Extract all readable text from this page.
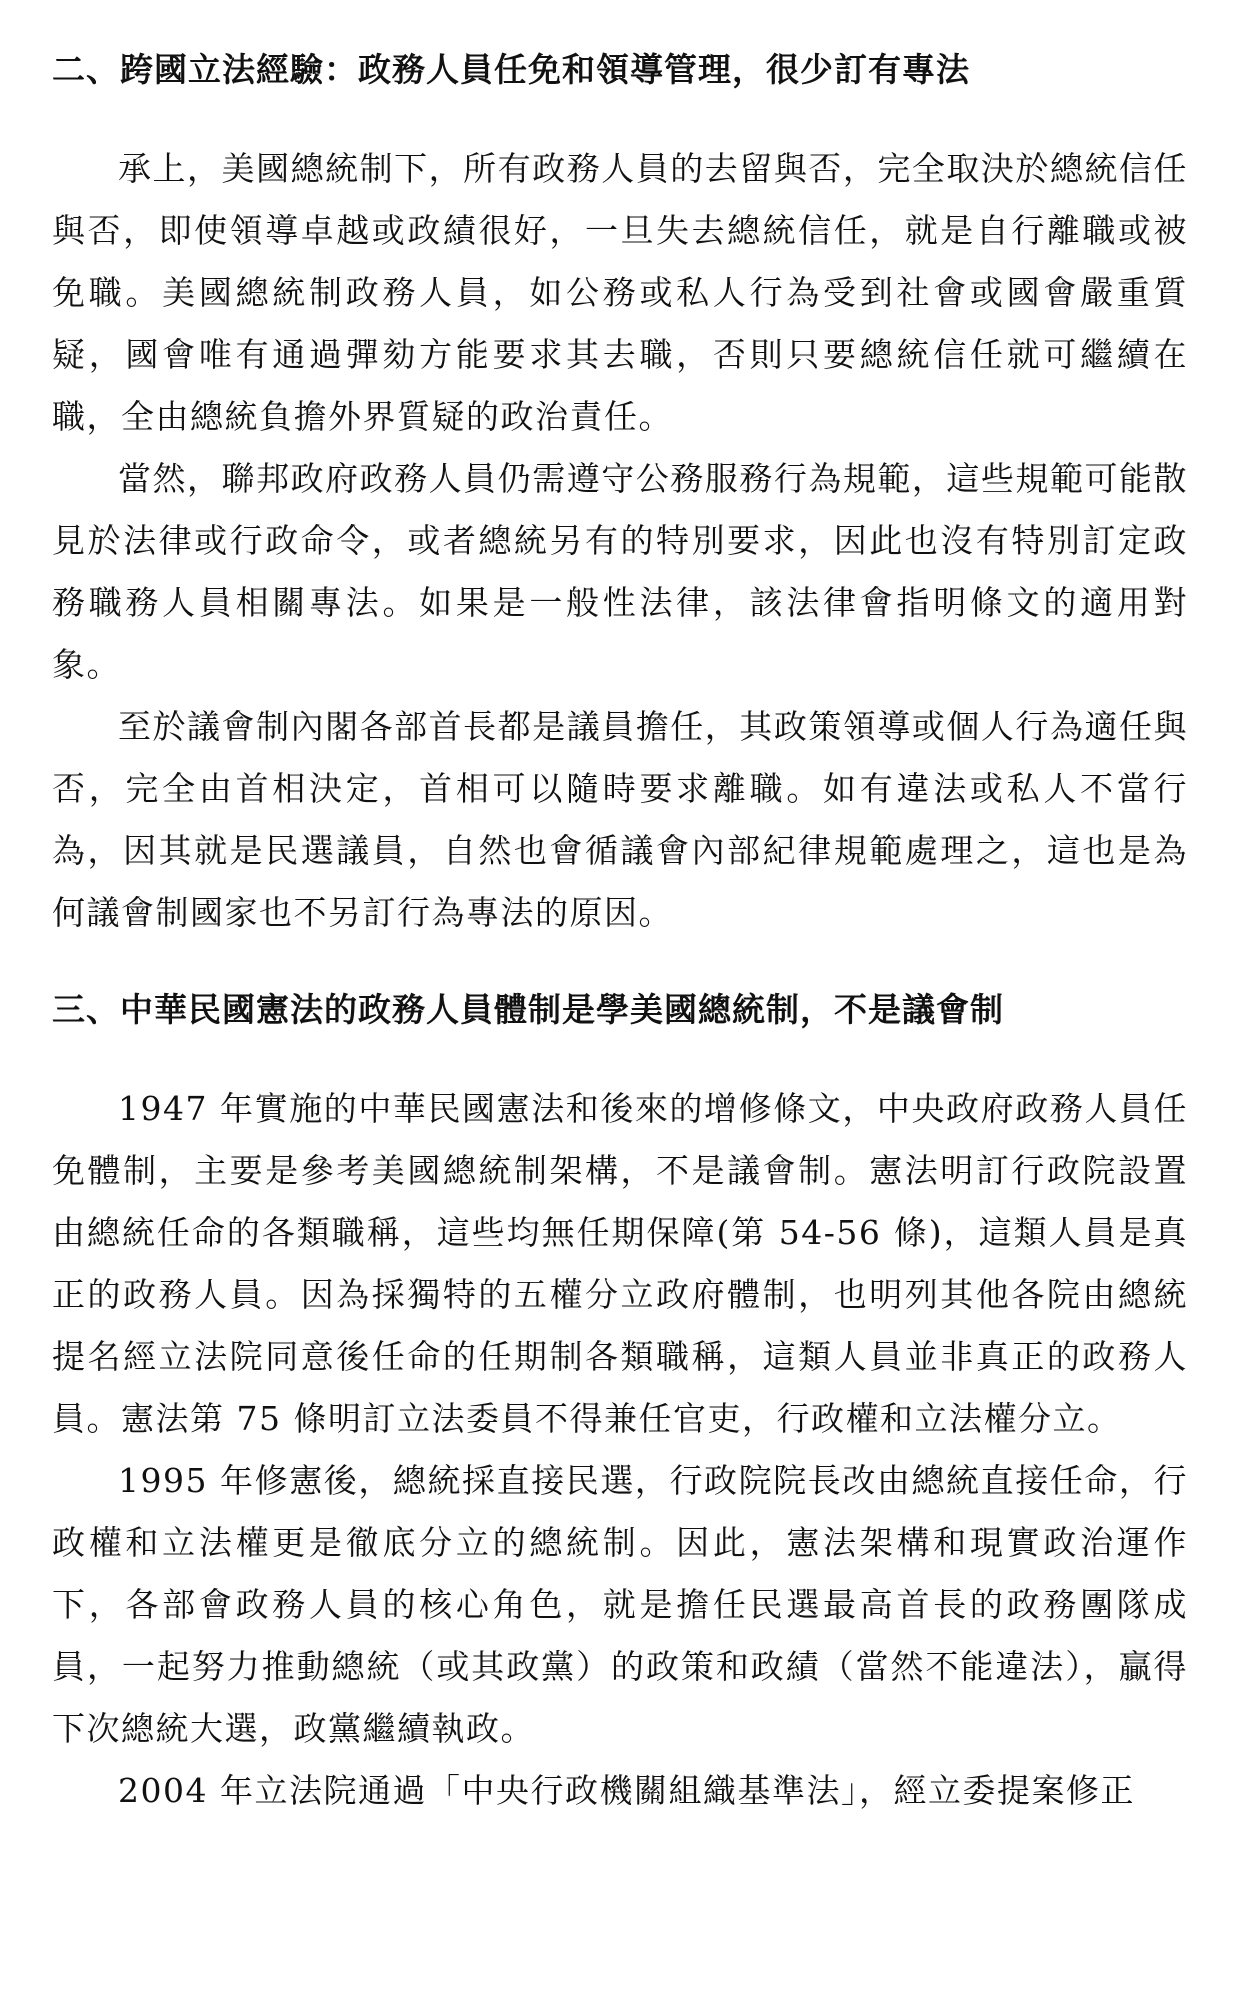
二、跨國立法經驗：政務人員任免和領導管理，很少訂有專法

承上，美國總統制下，所有政務人員的去留與否，完全取決於總統信任與否，即使領導卓越或政績很好，一旦失去總統信任，就是自行離職或被免職。美國總統制政務人員，如公務或私人行為受到社會或國會嚴重質疑，國會唯有通過彈劾方能要求其去職，否則只要總統信任就可繼續在職，全由總統負擔外界質疑的政治責任。

當然，聯邦政府政務人員仍需遵守公務服務行為規範，這些規範可能散見於法律或行政命令，或者總統另有的特別要求，因此也沒有特別訂定政務職務人員相關專法。如果是一般性法律，該法律會指明條文的適用對象。

至於議會制內閣各部首長都是議員擔任，其政策領導或個人行為適任與否，完全由首相決定，首相可以隨時要求離職。如有違法或私人不當行為，因其就是民選議員，自然也會循議會內部紀律規範處理之，這也是為何議會制國家也不另訂行為專法的原因。

三、中華民國憲法的政務人員體制是學美國總統制，不是議會制

1947 年實施的中華民國憲法和後來的增修條文，中央政府政務人員任免體制，主要是參考美國總統制架構，不是議會制。憲法明訂行政院設置由總統任命的各類職稱，這些均無任期保障(第 54-56 條)，這類人員是真正的政務人員。因為採獨特的五權分立政府體制，也明列其他各院由總統提名經立法院同意後任命的任期制各類職稱，這類人員並非真正的政務人員。憲法第 75 條明訂立法委員不得兼任官吏，行政權和立法權分立。

1995 年修憲後，總統採直接民選，行政院院長改由總統直接任命，行政權和立法權更是徹底分立的總統制。因此，憲法架構和現實政治運作下，各部會政務人員的核心角色，就是擔任民選最高首長的政務團隊成員，一起努力推動總統（或其政黨）的政策和政績（當然不能違法），贏得下次總統大選，政黨繼續執政。

2004 年立法院通過「中央行政機關組織基準法」，經立委提案修正
